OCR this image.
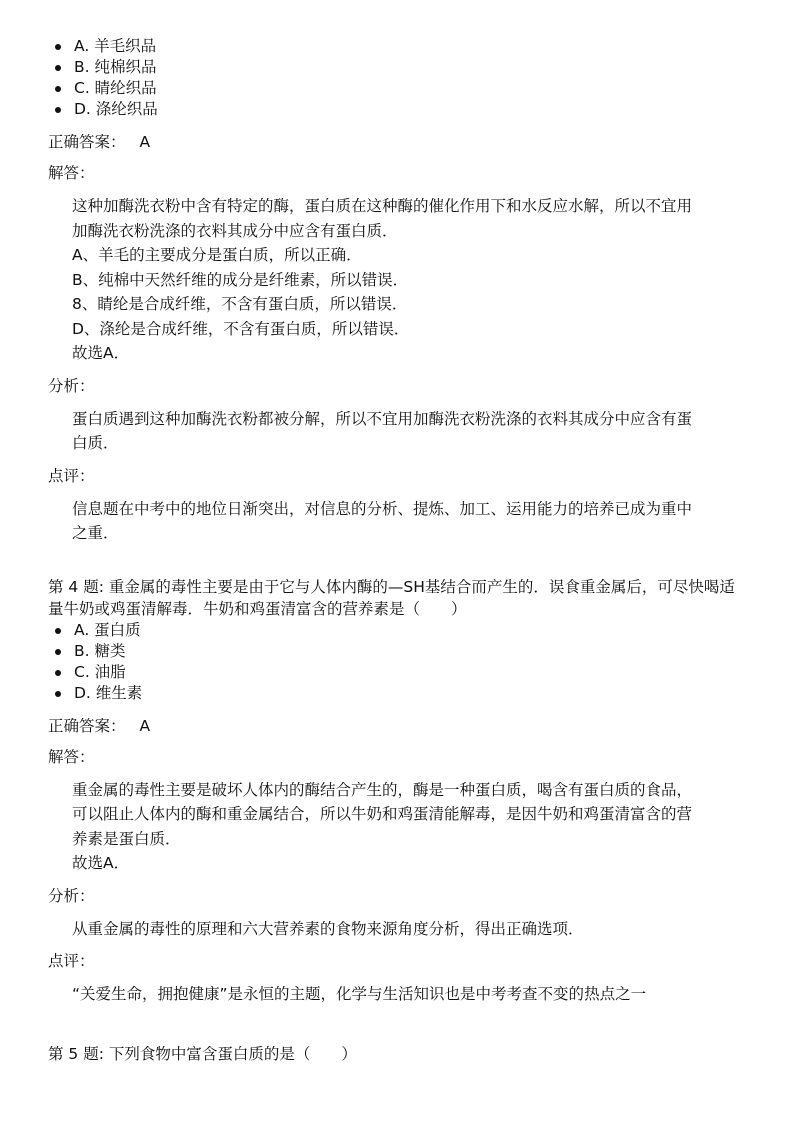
A. 羊毛织品
B. 纯棉织品
C. 睛纶织品
D. 涤纶织品
正确答案： A
解答：
这种加酶洗衣粉中含有特定的酶，蛋白质在这种酶的催化作用下和水反应水解，所以不宜用
加酶洗衣粉洗涤的衣料其成分中应含有蛋白质．
A、羊毛的主要成分是蛋白质，所以正确．
B、纯棉中天然纤维的成分是纤维素，所以错误．
8、睛纶是合成纤维，不含有蛋白质，所以错误．
D、涤纶是合成纤维，不含有蛋白质，所以错误．
故选A．
分析：
蛋白质遇到这种加酶洗衣粉都被分解，所以不宜用加酶洗衣粉洗涤的衣料其成分中应含有蛋
白质．
点评：
信息题在中考中的地位日渐突出，对信息的分析、提炼、加工、运用能力的培养已成为重中
之重．
第 4 题: 重金属的毒性主要是由于它与人体内酶的—SH基结合而产生的．误食重金属后，可尽快喝适
量牛奶或鸡蛋清解毒．牛奶和鸡蛋清富含的营养素是（　　）
A. 蛋白质
B. 糖类
C. 油脂
D. 维生素
正确答案： A
解答：
重金属的毒性主要是破坏人体内的酶结合产生的，酶是一种蛋白质，喝含有蛋白质的食品，
可以阻止人体内的酶和重金属结合，所以牛奶和鸡蛋清能解毒，是因牛奶和鸡蛋清富含的营
养素是蛋白质．
故选A．
分析：
从重金属的毒性的原理和六大营养素的食物来源角度分析，得出正确选项．
点评：
“关爱生命，拥抱健康”是永恒的主题，化学与生活知识也是中考考查不变的热点之一
第 5 题: 下列食物中富含蛋白质的是（　　）
